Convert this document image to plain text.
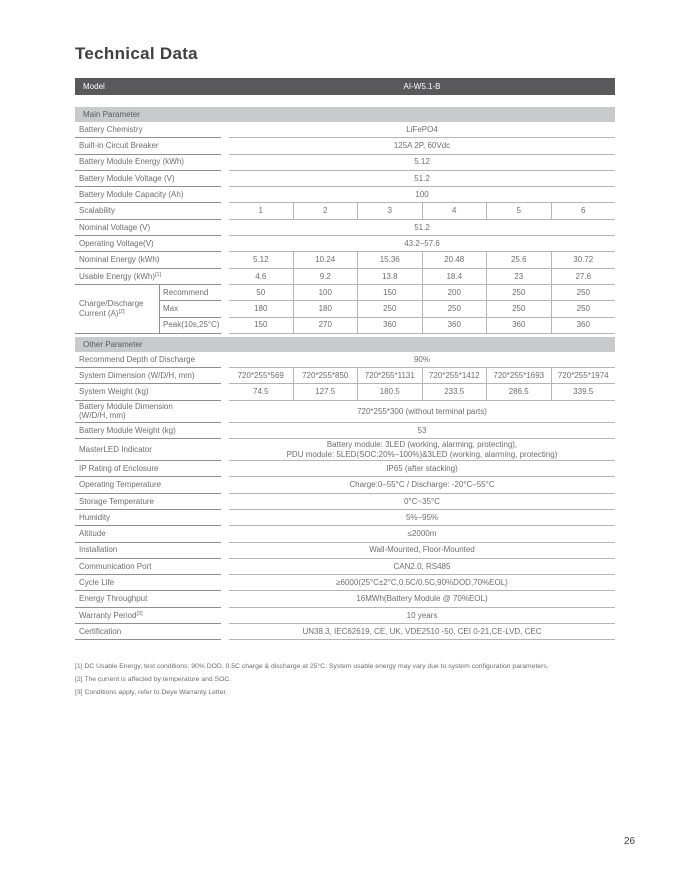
Technical Data
Model	AI-W5.1-B
Main Parameter
Battery Chemistry	LiFePO4
Built-in Circuit Breaker	125A 2P, 60Vdc
Battery Module Energy (kWh)	5.12
Battery Module Voltage (V)	51.2
Battery Module Capacity (Ah)	100
Scalability	1	2	3	4	5	6
Nominal Voltage (V)	51.2
Operating Voltage(V)	43.2–57.6
Nominal Energy (kWh)	5.12	10.24	15.36	20.48	25.6	30.72
Usable Energy (kWh)[1]	4.6	9.2	13.8	18.4	23	27.6
Charge/Discharge Current (A)[2]
Recommend	50	100	150	200	250	250
Max	180	180	250	250	250	250
Peak(10s,25°C)	150	270	360	360	360	360
Other Parameter
Recommend Depth of Discharge	90%
System Dimension (W/D/H, mm)	720*255*569	720*255*850	720*255*1131	720*255*1412	720*255*1693	720*255*1974
System Weight (kg)	74.5	127.5	180.5	233.5	286.5	339.5
Battery Module Dimension
(W/D/H, mm)
720*255*300 (without terminal parts)
Battery Module Weight (kg)	53
MasterLED Indicator
Battery module: 3LED (working, alarming, protecting),
PDU module: 5LED(SOC:20%–100%)&3LED (working, alarming, protecting)
IP Rating of Enclosure	IP65 (after stacking)
Operating Temperature	Charge:0–55°C / Discharge: -20°C–55°C
Storage Temperature	0°C~35°C
Humidity	5%–95%
Altitude	≤2000m
Installation	Wall-Mounted, Floor-Mounted
Communication Port	CAN2.0, RS485
Cycle Life	≥6000(25°C±2°C,0.5C/0.5C,90%DOD,70%EOL)
Energy Throughput	16MWh(Battery Module @ 70%EOL)
Warranty Period[3]	10 years
Certification	UN38.3, IEC62619, CE, UK, VDE2510 -50, CEI 0-21,CE-LVD, CEC
[1] DC Usable Energy, test conditions: 90% DOD, 0.5C charge & discharge at 25°C. System usable energy may vary due to system configuration parameters.
[2] The current is affected by temperature and SOC.
[3] Conditions apply, refer to Deye Warranty Letter.
26
